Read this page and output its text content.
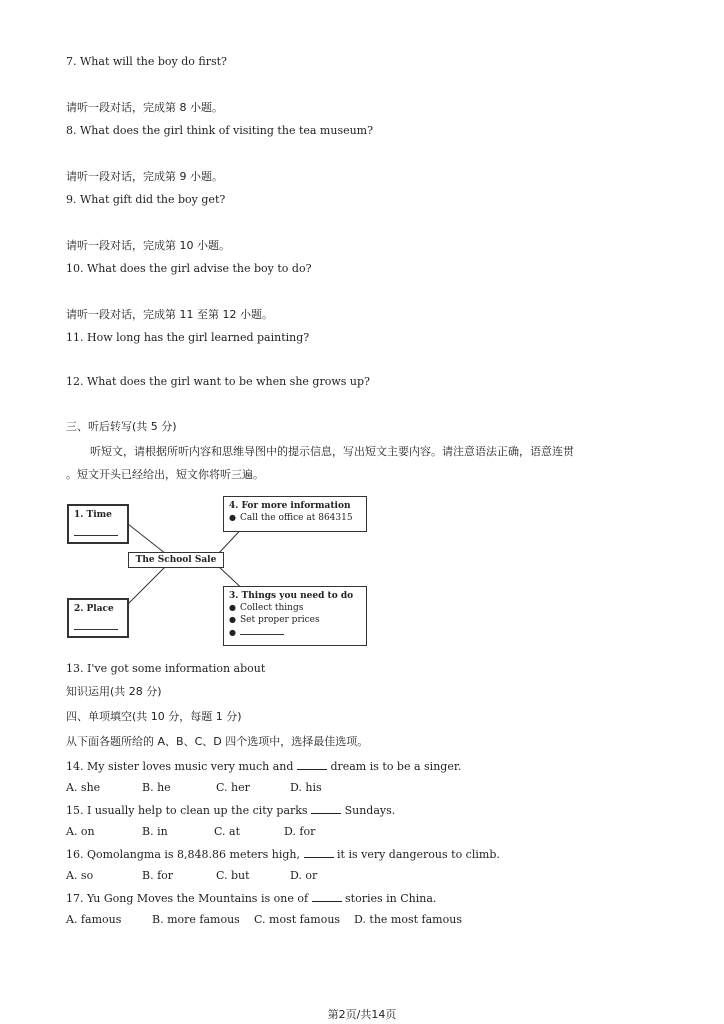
7. What will the boy do first?
请听一段对话，完成第 8 小题。
8. What does the girl think of visiting the tea museum?
请听一段对话，完成第 9 小题。
9. What gift did the boy get?
请听一段对话，完成第 10 小题。
10. What does the girl advise the boy to do?
请听一段对话，完成第 11 至第 12 小题。
11. How long has the girl learned painting?
12. What does the girl want to be when she grows up?
三、听后转写(共 5 分)
听短文，请根据所听内容和思维导图中的提示信息，写出短文主要内容。请注意语法正确，语意连贯
。短文开头已经给出，短文你将听三遍。
1. Time
2. Place
The School Sale
4. For more information
● Call the office at 864315
3. Things you need to do
● Collect things
● Set proper prices
●
13. I've got some information about
知识运用(共 28 分)
四、单项填空(共 10 分，每题 1 分)
从下面各题所给的 A、B、C、D 四个选项中，选择最佳选项。
14. My sister loves music very much and	dream is to be a singer.
A. she	B. he	C. her	D. his
15. I usually help to clean up the city parks	Sundays.
A. on	B. in	C. at	D. for
16. Qomolangma is 8,848.86 meters high,	it is very dangerous to climb.
A. so	B. for	C. but	D. or
17. Yu Gong Moves the Mountains is one of	stories in China.
A. famous	B. more famous C. most famous D. the most famous
第2页/共14页
